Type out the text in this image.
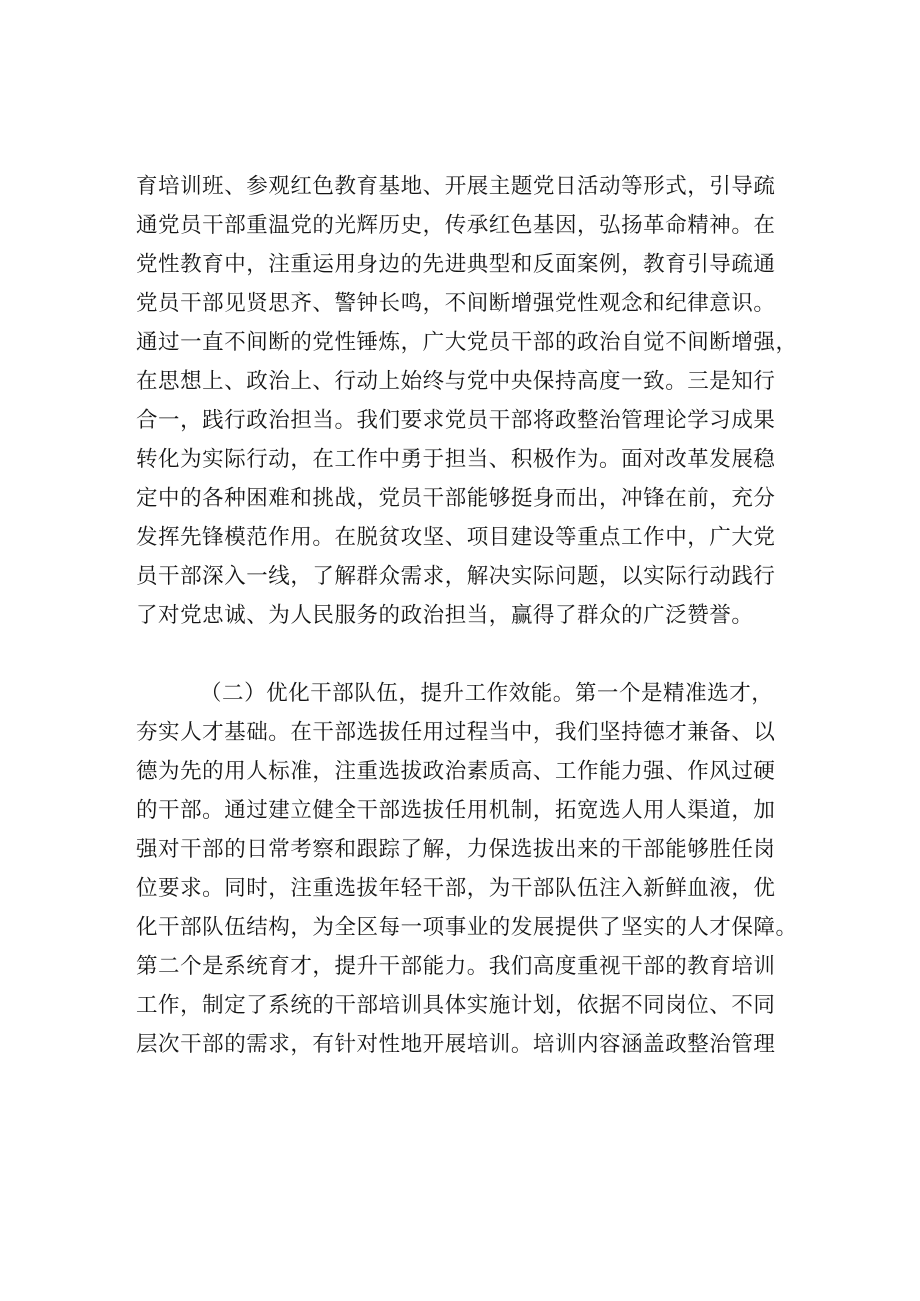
育培训班、参观红色教育基地、开展主题党日活动等形式，引导疏
通党员干部重温党的光辉历史，传承红色基因，弘扬革命精神。在
党性教育中，注重运用身边的先进典型和反面案例，教育引导疏通
党员干部见贤思齐、警钟长鸣，不间断增强党性观念和纪律意识。
通过一直不间断的党性锤炼，广大党员干部的政治自觉不间断增强，
在思想上、政治上、行动上始终与党中央保持高度一致。三是知行
合一，践行政治担当。我们要求党员干部将政整治管理论学习成果
转化为实际行动，在工作中勇于担当、积极作为。面对改革发展稳
定中的各种困难和挑战，党员干部能够挺身而出，冲锋在前，充分
发挥先锋模范作用。在脱贫攻坚、项目建设等重点工作中，广大党
员干部深入一线，了解群众需求，解决实际问题，以实际行动践行
了对党忠诚、为人民服务的政治担当，赢得了群众的广泛赞誉。
（二）优化干部队伍，提升工作效能。第一个是精准选才，
夯实人才基础。在干部选拔任用过程当中，我们坚持德才兼备、以
德为先的用人标准，注重选拔政治素质高、工作能力强、作风过硬
的干部。通过建立健全干部选拔任用机制，拓宽选人用人渠道，加
强对干部的日常考察和跟踪了解，力保选拔出来的干部能够胜任岗
位要求。同时，注重选拔年轻干部，为干部队伍注入新鲜血液，优
化干部队伍结构，为全区每一项事业的发展提供了坚实的人才保障。
第二个是系统育才，提升干部能力。我们高度重视干部的教育培训
工作，制定了系统的干部培训具体实施计划，依据不同岗位、不同
层次干部的需求，有针对性地开展培训。培训内容涵盖政整治管理
